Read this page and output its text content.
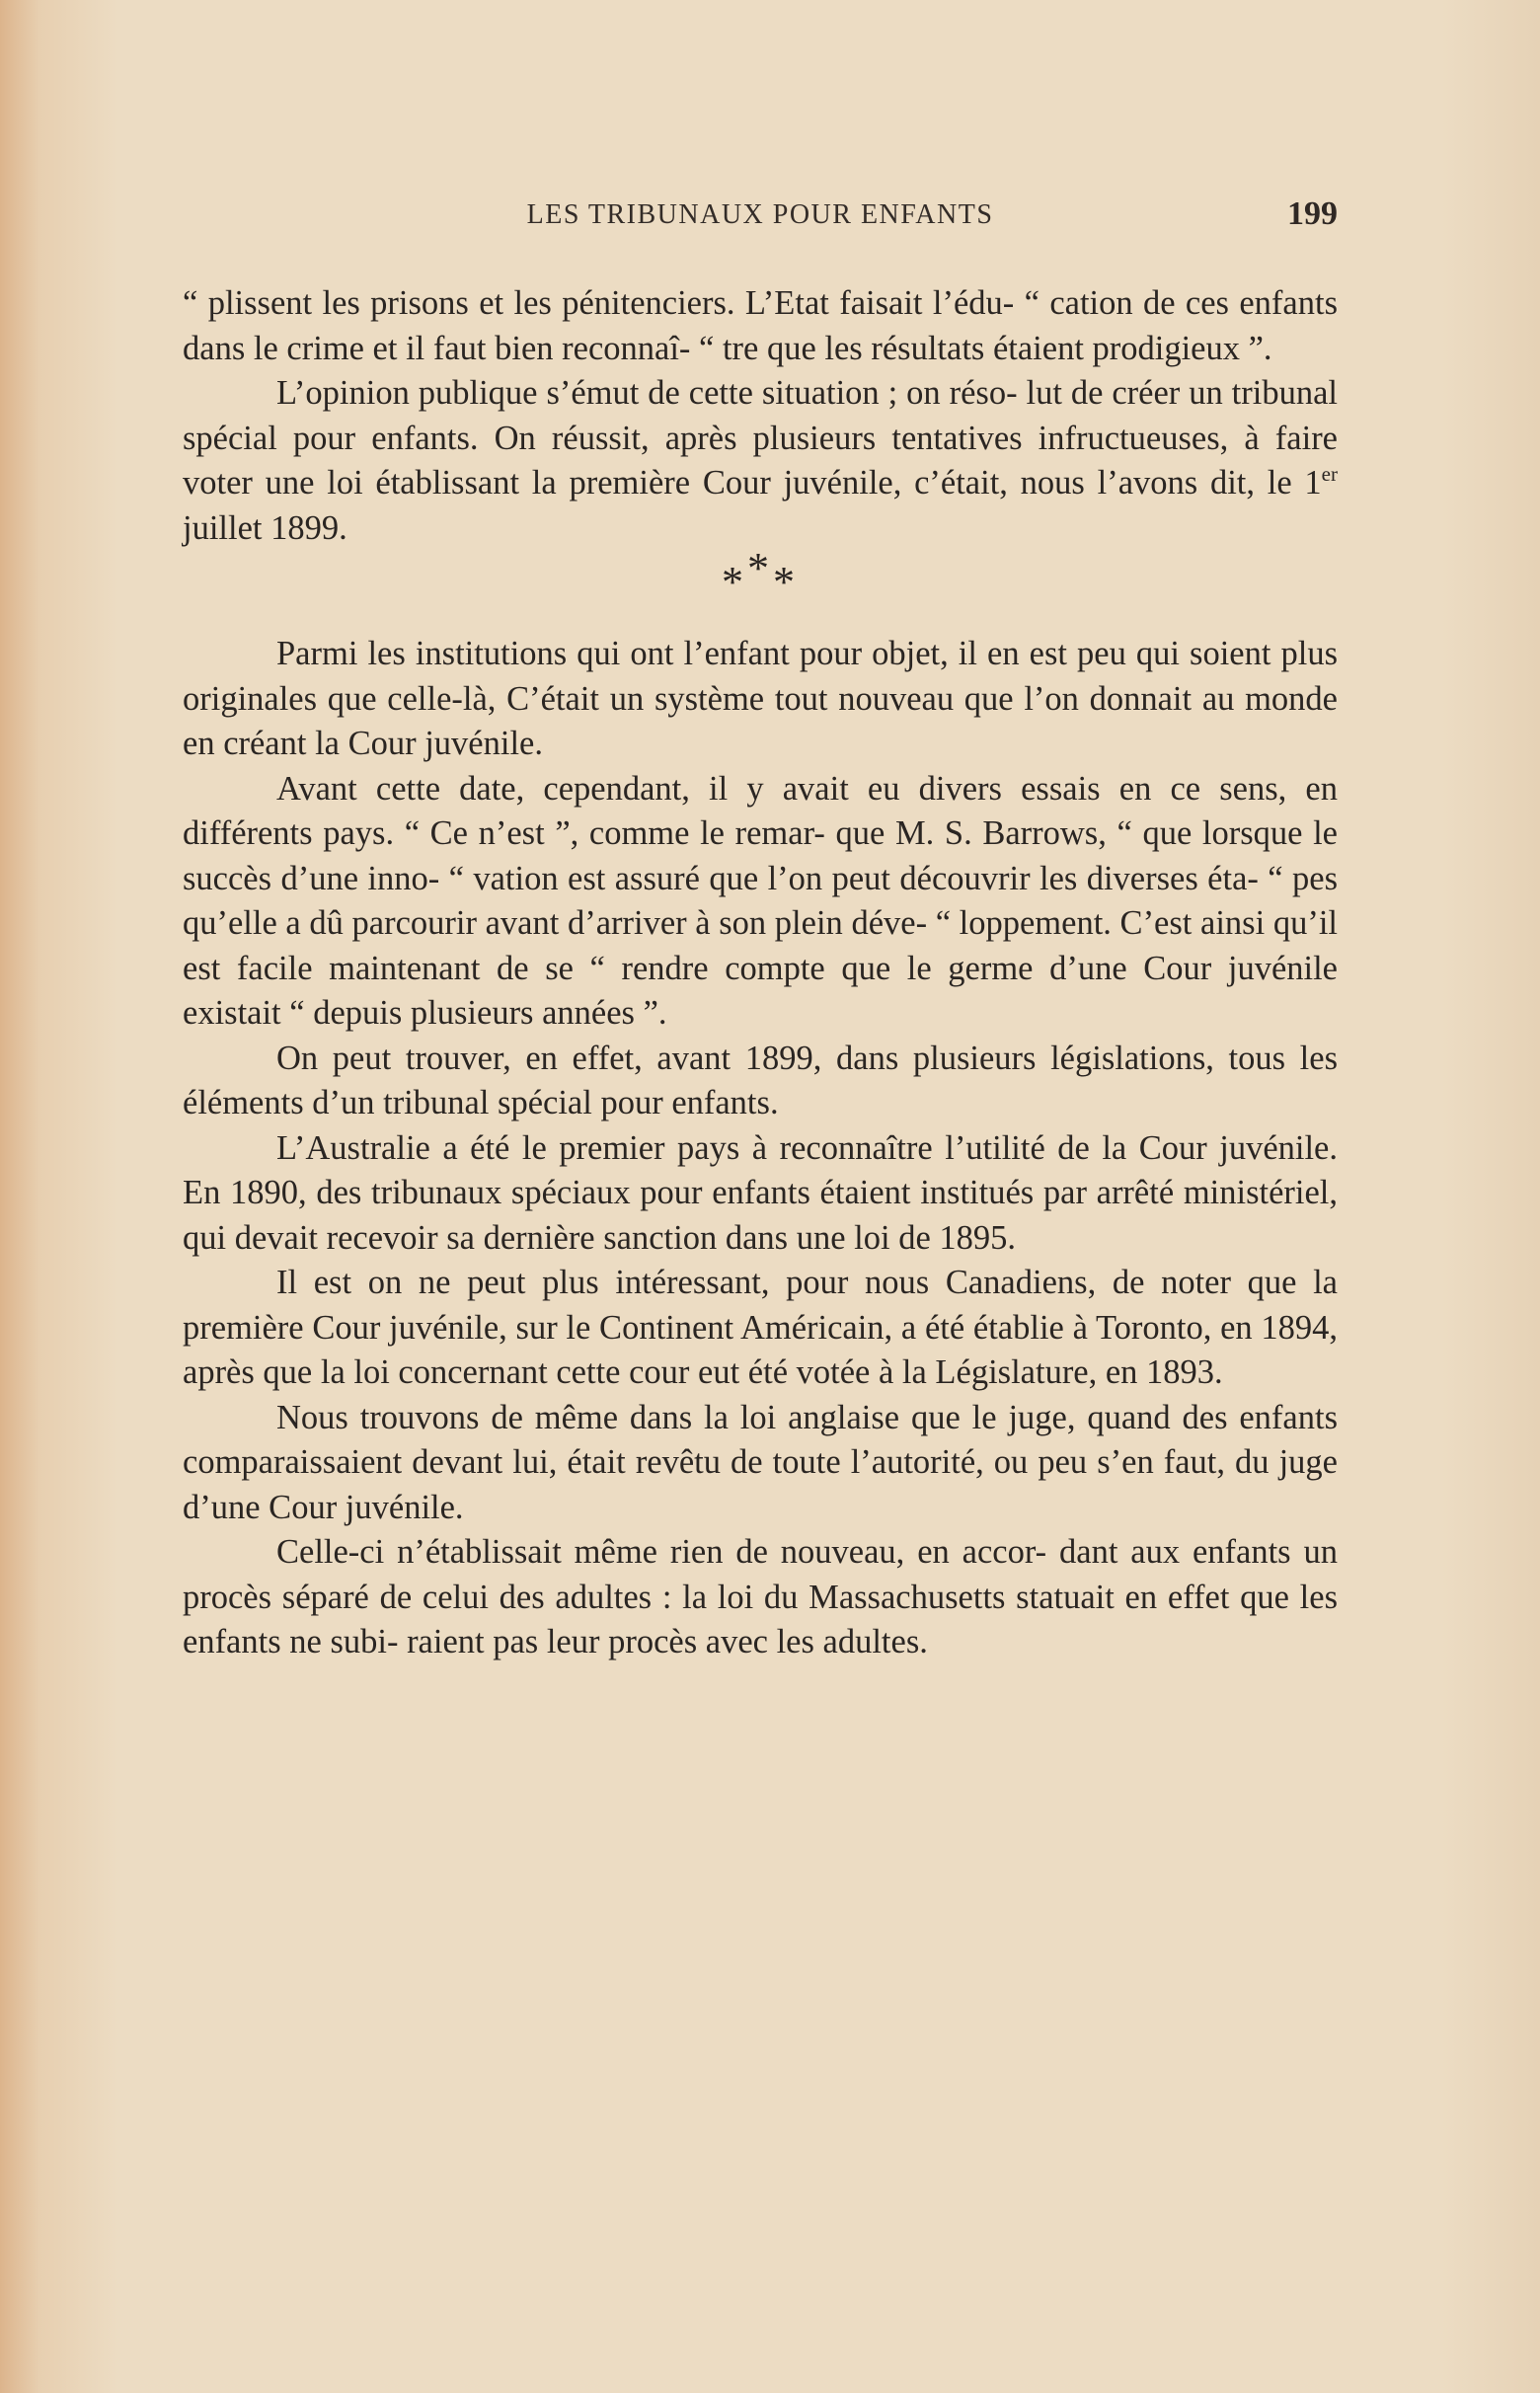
LES TRIBUNAUX POUR ENFANTS	199

“ plissent les prisons et les pénitenciers. L’Etat faisait l’édu- “ cation de ces enfants dans le crime et il faut bien reconnaî- “ tre que les résultats étaient prodigieux ”.

L’opinion publique s’émut de cette situation ; on réso- lut de créer un tribunal spécial pour enfants. On réussit, après plusieurs tentatives infructueuses, à faire voter une loi établissant la première Cour juvénile, c’était, nous l’avons dit, le 1er juillet 1899.

***

Parmi les institutions qui ont l’enfant pour objet, il en est peu qui soient plus originales que celle-là, C’était un système tout nouveau que l’on donnait au monde en créant la Cour juvénile.

Avant cette date, cependant, il y avait eu divers essais en ce sens, en différents pays. “ Ce n’est ”, comme le remar- que M. S. Barrows, “ que lorsque le succès d’une inno- “ vation est assuré que l’on peut découvrir les diverses éta- “ pes qu’elle a dû parcourir avant d’arriver à son plein déve- “ loppement. C’est ainsi qu’il est facile maintenant de se “ rendre compte que le germe d’une Cour juvénile existait “ depuis plusieurs années ”.

On peut trouver, en effet, avant 1899, dans plusieurs législations, tous les éléments d’un tribunal spécial pour enfants.

L’Australie a été le premier pays à reconnaître l’utilité de la Cour juvénile. En 1890, des tribunaux spéciaux pour enfants étaient institués par arrêté ministériel, qui devait recevoir sa dernière sanction dans une loi de 1895.

Il est on ne peut plus intéressant, pour nous Canadiens, de noter que la première Cour juvénile, sur le Continent Américain, a été établie à Toronto, en 1894, après que la loi concernant cette cour eut été votée à la Législature, en 1893.

Nous trouvons de même dans la loi anglaise que le juge, quand des enfants comparaissaient devant lui, était revêtu de toute l’autorité, ou peu s’en faut, du juge d’une Cour juvénile.

Celle-ci n’établissait même rien de nouveau, en accor- dant aux enfants un procès séparé de celui des adultes : la loi du Massachusetts statuait en effet que les enfants ne subi- raient pas leur procès avec les adultes.
